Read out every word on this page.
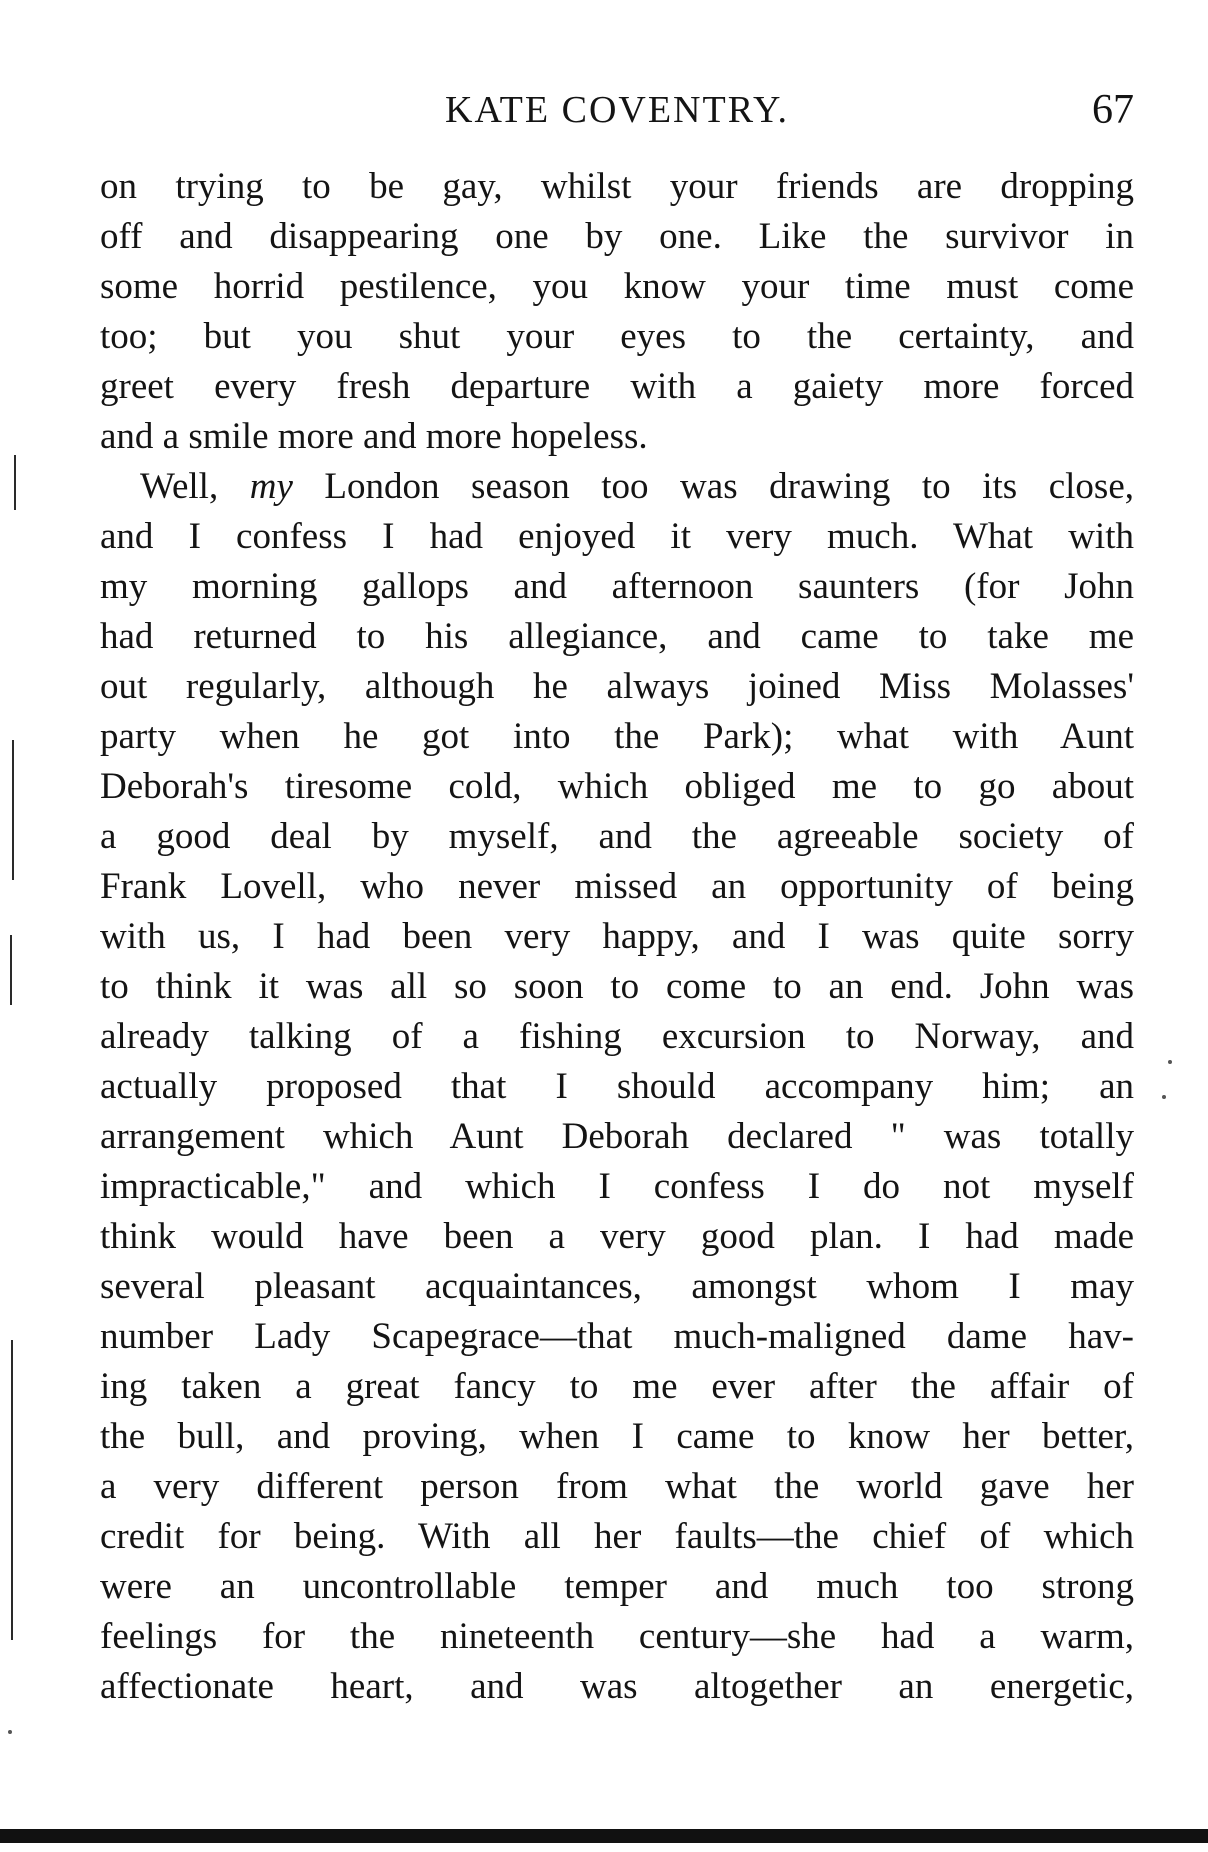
KATE COVENTRY.	67
on trying to be gay, whilst your friends are dropping
off and disappearing one by one. Like the survivor in
some horrid pestilence, you know your time must come
too; but you shut your eyes to the certainty, and
greet every fresh departure with a gaiety more forced
and a smile more and more hopeless.
Well, my London season too was drawing to its close,
and I confess I had enjoyed it very much. What with
my morning gallops and afternoon saunters (for John
had returned to his allegiance, and came to take me
out regularly, although he always joined Miss Molasses'
party when he got into the Park); what with Aunt
Deborah's tiresome cold, which obliged me to go about
a good deal by myself, and the agreeable society of
Frank Lovell, who never missed an opportunity of being
with us, I had been very happy, and I was quite sorry
to think it was all so soon to come to an end. John was
already talking of a fishing excursion to Norway, and
actually proposed that I should accompany him; an
arrangement which Aunt Deborah declared " was totally
impracticable," and which I confess I do not myself
think would have been a very good plan. I had made
several pleasant acquaintances, amongst whom I may
number Lady Scapegrace—that much-maligned dame hav-
ing taken a great fancy to me ever after the affair of
the bull, and proving, when I came to know her better,
a very different person from what the world gave her
credit for being. With all her faults—the chief of which
were an uncontrollable temper and much too strong
feelings for the nineteenth century—she had a warm,
affectionate heart, and was altogether an energetic,
